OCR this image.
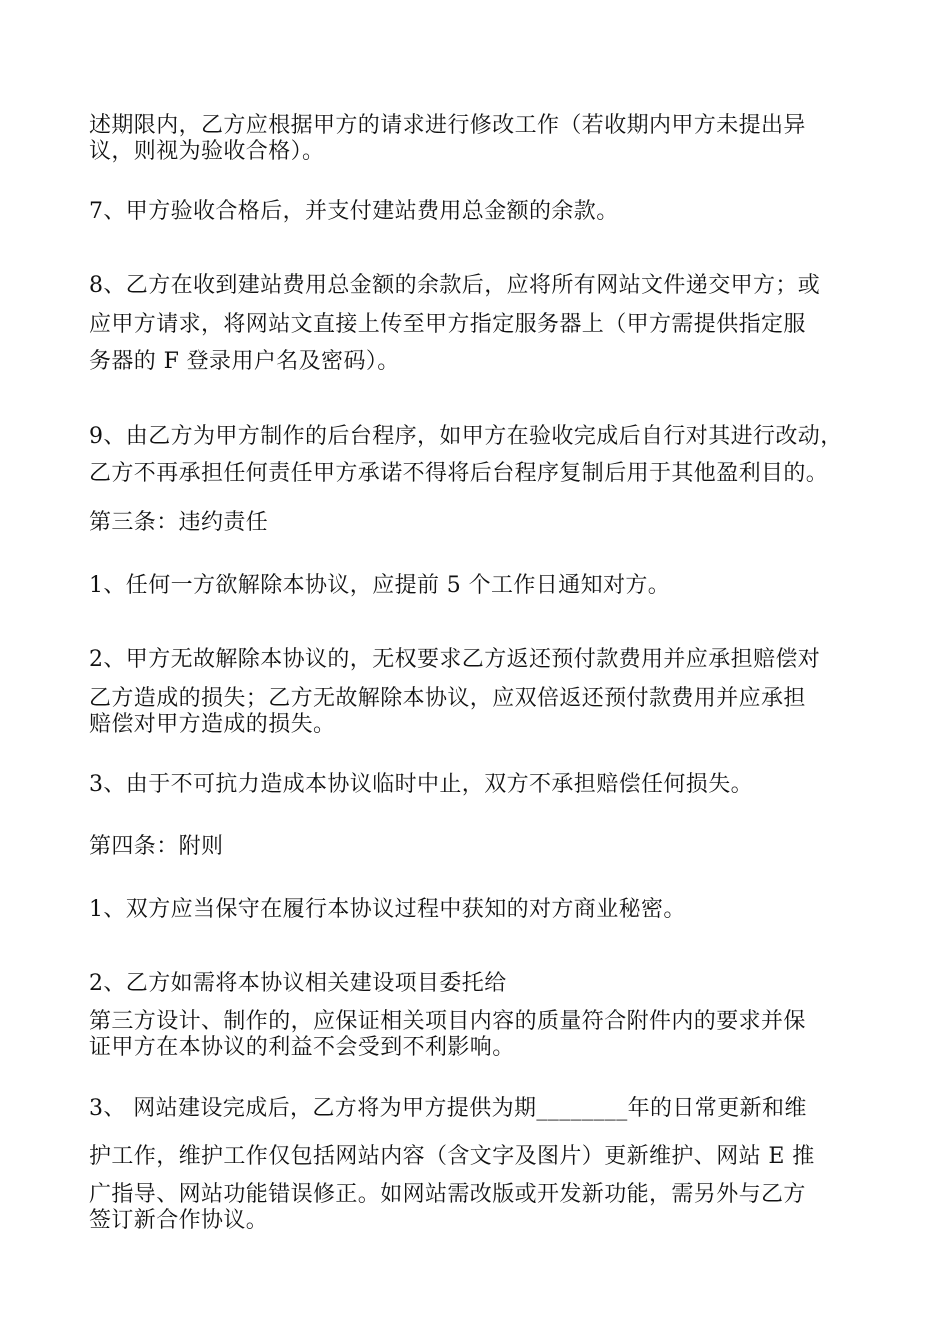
述期限内，乙方应根据甲方的请求进行修改工作（若收期内甲方未提出异
议，则视为验收合格）。
7、甲方验收合格后，并支付建站费用总金额的余款。
8、乙方在收到建站费用总金额的余款后，应将所有网站文件递交甲方；或
应甲方请求，将网站文直接上传至甲方指定服务器上（甲方需提供指定服
务器的 F 登录用户名及密码）。
9、由乙方为甲方制作的后台程序，如甲方在验收完成后自行对其进行改动，
乙方不再承担任何责任甲方承诺不得将后台程序复制后用于其他盈利目的。
第三条：违约责任
1、任何一方欲解除本协议，应提前 5 个工作日通知对方。
2、甲方无故解除本协议的，无权要求乙方返还预付款费用并应承担赔偿对
乙方造成的损失；乙方无故解除本协议，应双倍返还预付款费用并应承担
赔偿对甲方造成的损失。
3、由于不可抗力造成本协议临时中止，双方不承担赔偿任何损失。
第四条：附则
1、双方应当保守在履行本协议过程中获知的对方商业秘密。
2、乙方如需将本协议相关建设项目委托给
第三方设计、制作的，应保证相关项目内容的质量符合附件内的要求并保
证甲方在本协议的利益不会受到不利影响。
3、 网站建设完成后，乙方将为甲方提供为期________年的日常更新和维
护工作，维护工作仅包括网站内容（含文字及图片）更新维护、网站 E 推
广指导、网站功能错误修正。如网站需改版或开发新功能，需另外与乙方
签订新合作协议。
